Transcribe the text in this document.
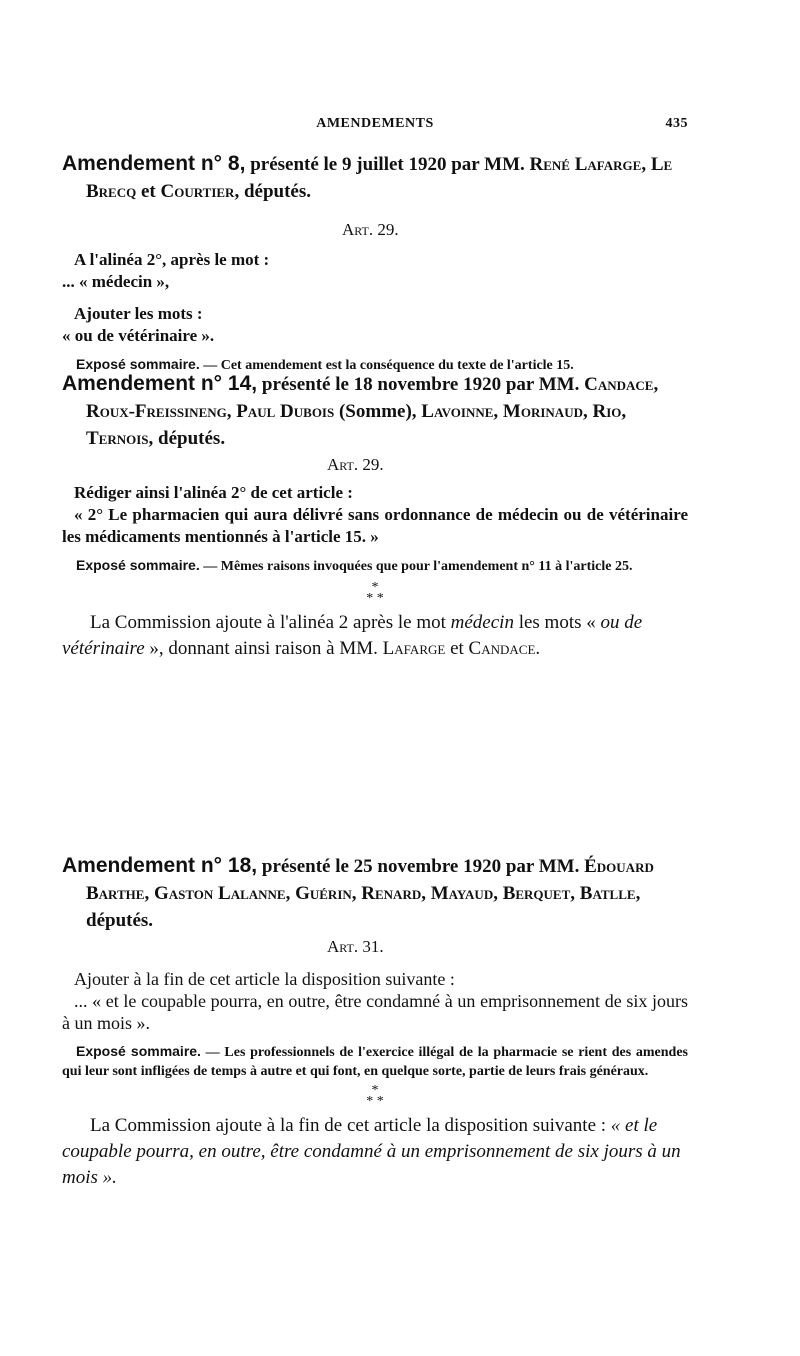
AMENDEMENTS	435

Amendement n° 8, présenté le 9 juillet 1920 par MM. René Lafarge, Le Brecq et Courtier, députés.

Art. 29.

A l'alinéa 2°, après le mot :

... « médecin »,

Ajouter les mots :

« ou de vétérinaire ».

Exposé sommaire. — Cet amendement est la conséquence du texte de l'article 15.

Amendement n° 14, présenté le 18 novembre 1920 par MM. Candace, Roux-Freissineng, Paul Dubois (Somme), Lavoinne, Morinaud, Rio, Ternois, députés.

Art. 29.

Rédiger ainsi l'alinéa 2° de cet article :

« 2° Le pharmacien qui aura délivré sans ordonnance de médecin ou de vétérinaire les médicaments mentionnés à l'article 15. »

Exposé sommaire. — Mêmes raisons invoquées que pour l'amendement n° 11 à l'article 25.

*

* *

La Commission ajoute à l'alinéa 2 après le mot médecin les mots « ou de vétérinaire », donnant ainsi raison à MM. Lafarge et Candace.

Amendement n° 18, présenté le 25 novembre 1920 par MM. Édouard Barthe, Gaston Lalanne, Guérin, Renard, Mayaud, Berquet, Batlle, députés.

Art. 31.

Ajouter à la fin de cet article la disposition suivante :

... « et le coupable pourra, en outre, être condamné à un emprisonnement de six jours à un mois ».

Exposé sommaire. — Les professionnels de l'exercice illégal de la pharmacie se rient des amendes qui leur sont infligées de temps à autre et qui font, en quelque sorte, partie de leurs frais généraux.

*

* *

La Commission ajoute à la fin de cet article la disposition suivante : « et le coupable pourra, en outre, être condamné à un emprisonnement de six jours à un mois ».
